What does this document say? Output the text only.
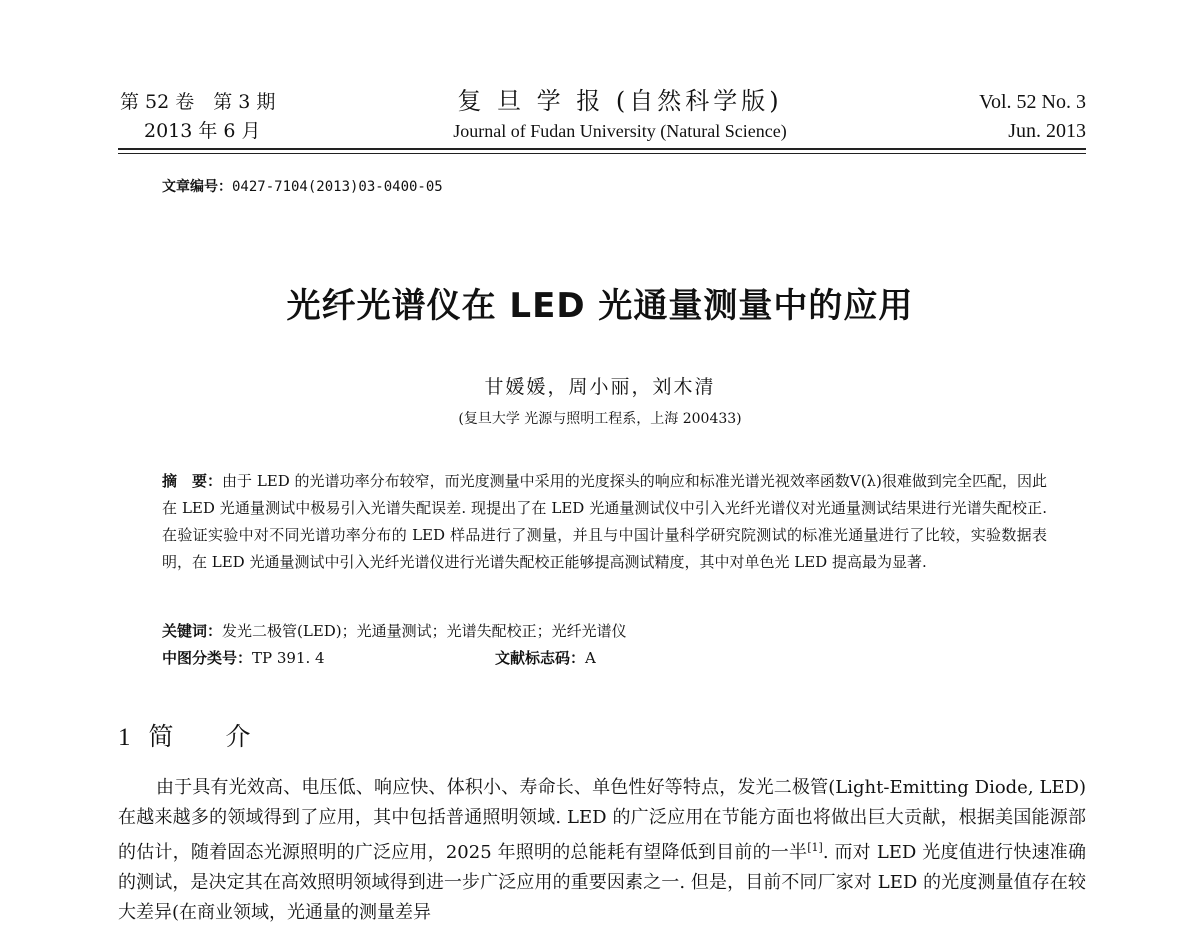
第 52 卷　第 3 期
2013 年 6 月
复 旦 学 报 (自然科学版)
Journal of Fudan University (Natural Science)
Vol. 52 No. 3
Jun. 2013
文章编号：0427-7104(2013)03-0400-05
光纤光谱仪在 LED 光通量测量中的应用
甘媛媛，周小丽，刘木清
(复旦大学 光源与照明工程系，上海 200433)

摘　要：由于 LED 的光谱功率分布较窄，而光度测量中采用的光度探头的响应和标准光谱光视效率函数V(λ)很难做到完全匹配，因此在 LED 光通量测试中极易引入光谱失配误差. 现提出了在 LED 光通量测试仪中引入光纤光谱仪对光通量测试结果进行光谱失配校正. 在验证实验中对不同光谱功率分布的 LED 样品进行了测量，并且与中国计量科学研究院测试的标准光通量进行了比较，实验数据表明，在 LED 光通量测试中引入光纤光谱仪进行光谱失配校正能够提高测试精度，其中对单色光 LED 提高最为显著.

关键词：发光二极管(LED)；光通量测试；光谱失配校正；光纤光谱仪
中图分类号：TP 391. 4	文献标志码：A
1 简 介

由于具有光效高、电压低、响应快、体积小、寿命长、单色性好等特点，发光二极管(Light-Emitting Diode, LED)在越来越多的领域得到了应用，其中包括普通照明领域. LED 的广泛应用在节能方面也将做出巨大贡献，根据美国能源部的估计，随着固态光源照明的广泛应用，2025 年照明的总能耗有望降低到目前的一半[1]. 而对 LED 光度值进行快速准确的测试，是决定其在高效照明领域得到进一步广泛应用的重要因素之一. 但是，目前不同厂家对 LED 的光度测量值存在较大差异(在商业领域，光通量的测量差异
